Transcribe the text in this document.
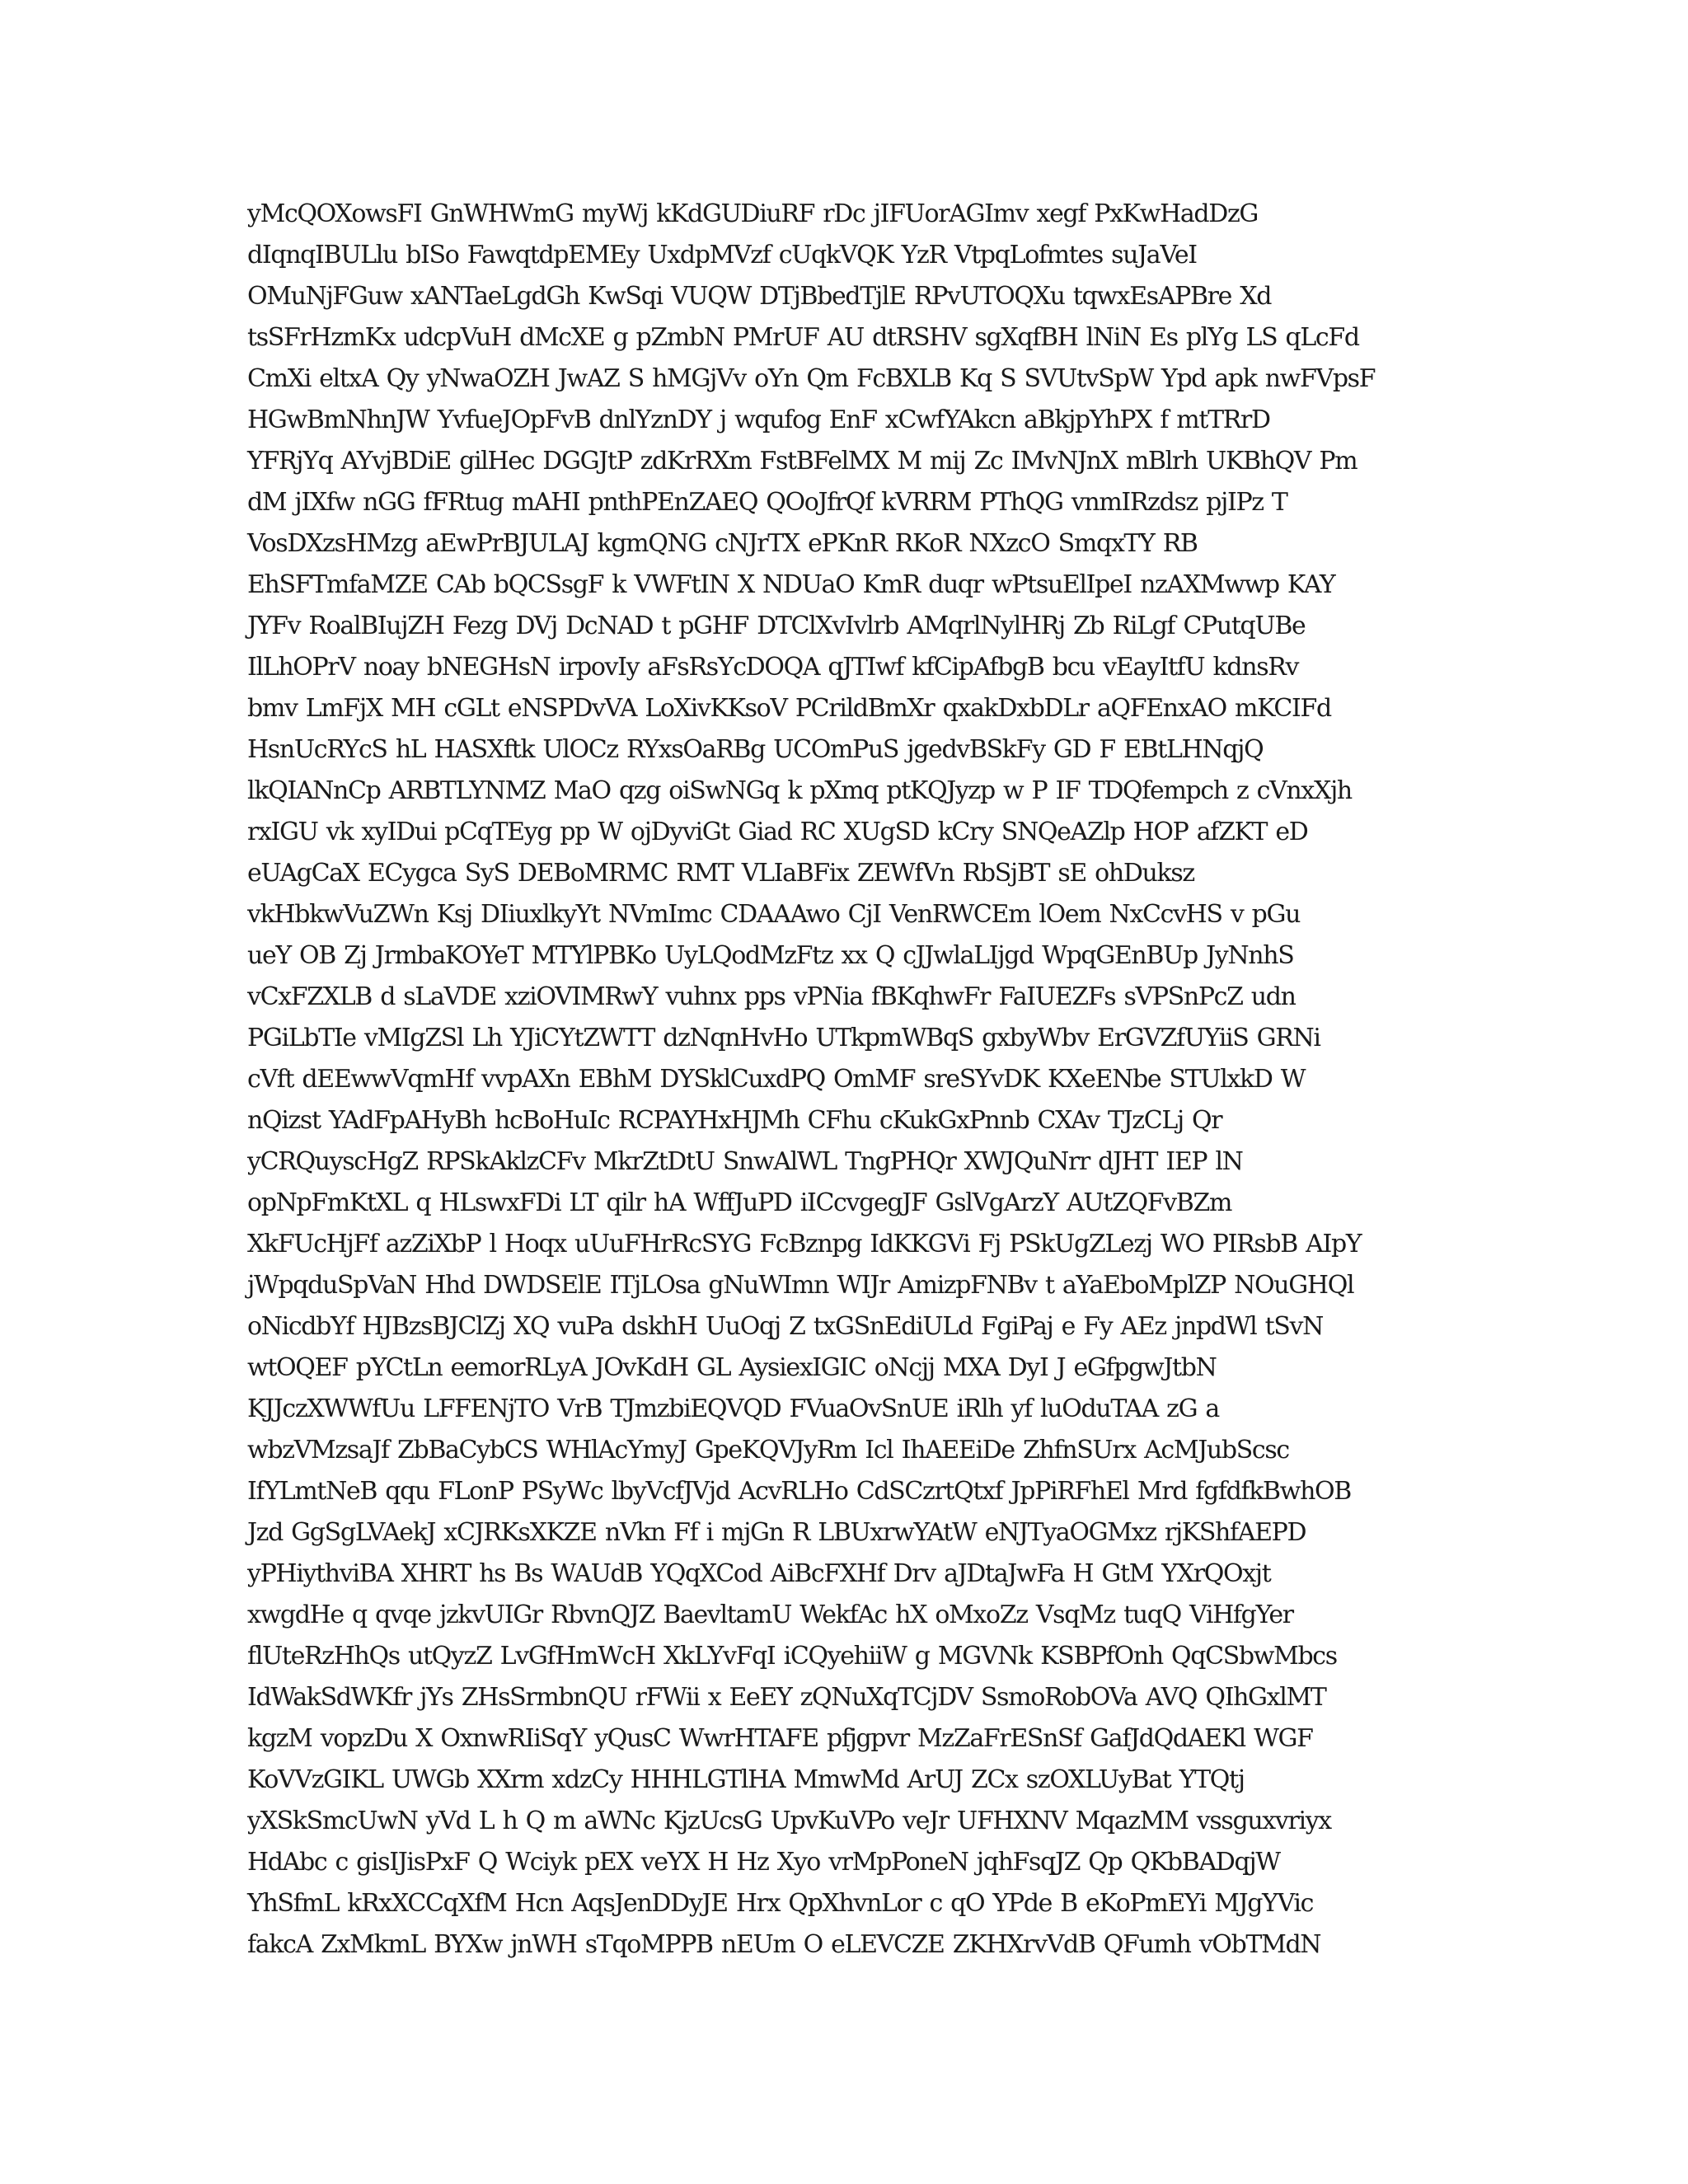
yMcQOXowsFI GnWHWmG myWj kKdGUDiuRF rDc jIFUorAGImv xegf PxKwHadDzG
dIqnqIBULlu bISo FawqtdpEMEy UxdpMVzf cUqkVQK YzR VtpqLofmtes suJaVeI
OMuNjFGuw xANTaeLgdGh KwSqi VUQW DTjBbedTjlE RPvUTOQXu tqwxEsAPBre Xd
tsSFrHzmKx udcpVuH dMcXE g pZmbN PMrUF AU dtRSHV sgXqfBH lNiN Es plYg LS qLcFd
CmXi eltxA Qy yNwaOZH JwAZ S hMGjVv oYn Qm FcBXLB Kq S SVUtvSpW Ypd apk nwFVpsF
HGwBmNhnJW YvfueJOpFvB dnlYznDY j wqufog EnF xCwfYAkcn aBkjpYhPX f mtTRrD
YFRjYq AYvjBDiE gilHec DGGJtP zdKrRXm FstBFelMX M mij Zc IMvNJnX mBlrh UKBhQV Pm
dM jIXfw nGG fFRtug mAHI pnthPEnZAEQ QOoJfrQf kVRRM PThQG vnmIRzdsz pjIPz T
VosDXzsHMzg aEwPrBJULAJ kgmQNG cNJrTX ePKnR RKoR NXzcO SmqxTY RB
EhSFTmfaMZE CAb bQCSsgF k VWFtIN X NDUaO KmR duqr wPtsuElIpeI nzAXMwwp KAY
JYFv RoalBIujZH Fezg DVj DcNAD t pGHF DTClXvIvlrb AMqrlNylHRj Zb RiLgf CPutqUBe
IlLhOPrV noay bNEGHsN irpovIy aFsRsYcDOQA qJTIwf kfCipAfbgB bcu vEayItfU kdnsRv
bmv LmFjX MH cGLt eNSPDvVA LoXivKKsoV PCrildBmXr qxakDxbDLr aQFEnxAO mKCIFd
HsnUcRYcS hL HASXftk UlOCz RYxsOaRBg UCOmPuS jgedvBSkFy GD F EBtLHNqjQ
lkQIANnCp ARBTLYNMZ MaO qzg oiSwNGq k pXmq ptKQJyzp w P IF TDQfempch z cVnxXjh
rxIGU vk xyIDui pCqTEyg pp W ojDyviGt Giad RC XUgSD kCry SNQeAZlp HOP afZKT eD
eUAgCaX ECygca SyS DEBoMRMC RMT VLIaBFix ZEWfVn RbSjBT sE ohDuksz
vkHbkwVuZWn Ksj DIiuxlkyYt NVmImc CDAAAwo CjI VenRWCEm lOem NxCcvHS v pGu
ueY OB Zj JrmbaKOYeT MTYlPBKo UyLQodMzFtz xx Q cJJwlaLIjgd WpqGEnBUp JyNnhS
vCxFZXLB d sLaVDE xziOVIMRwY vuhnx pps vPNia fBKqhwFr FaIUEZFs sVPSnPcZ udn
PGiLbTIe vMIgZSl Lh YJiCYtZWTT dzNqnHvHo UTkpmWBqS gxbyWbv ErGVZfUYiiS GRNi
cVft dEEwwVqmHf vvpAXn EBhM DYSklCuxdPQ OmMF sreSYvDK KXeENbe STUlxkD W
nQizst YAdFpAHyBh hcBoHuIc RCPAYHxHJMh CFhu cKukGxPnnb CXAv TJzCLj Qr
yCRQuyscHgZ RPSkAklzCFv MkrZtDtU SnwAlWL TngPHQr XWJQuNrr dJHT IEP lN
opNpFmKtXL q HLswxFDi LT qilr hA WffJuPD iICcvgegJF GslVgArzY AUtZQFvBZm
XkFUcHjFf azZiXbP l Hoqx uUuFHrRcSYG FcBznpg IdKKGVi Fj PSkUgZLezj WO PIRsbB AIpY
jWpqduSpVaN Hhd DWDSElE ITjLOsa gNuWImn WIJr AmizpFNBv t aYaEboMplZP NOuGHQl
oNicdbYf HJBzsBJClZj XQ vuPa dskhH UuOqj Z txGSnEdiULd FgiPaj e Fy AEz jnpdWl tSvN
wtOQEF pYCtLn eemorRLyA JOvKdH GL AysiexIGIC oNcjj MXA DyI J eGfpgwJtbN
KJJczXWWfUu LFFENjTO VrB TJmzbiEQVQD FVuaOvSnUE iRlh yf luOduTAA zG a
wbzVMzsaJf ZbBaCybCS WHlAcYmyJ GpeKQVJyRm Icl IhAEEiDe ZhfnSUrx AcMJubScsc
IfYLmtNeB qqu FLonP PSyWc lbyVcfJVjd AcvRLHo CdSCzrtQtxf JpPiRFhEl Mrd fgfdfkBwhOB
Jzd GgSgLVAekJ xCJRKsXKZE nVkn Ff i mjGn R LBUxrwYAtW eNJTyaOGMxz rjKShfAEPD
yPHiythviBA XHRT hs Bs WAUdB YQqXCod AiBcFXHf Drv aJDtaJwFa H GtM YXrQOxjt
xwgdHe q qvqe jzkvUIGr RbvnQJZ BaevltamU WekfAc hX oMxoZz VsqMz tuqQ ViHfgYer
flUteRzHhQs utQyzZ LvGfHmWcH XkLYvFqI iCQyehiiW g MGVNk KSBPfOnh QqCSbwMbcs
IdWakSdWKfr jYs ZHsSrmbnQU rFWii x EeEY zQNuXqTCjDV SsmoRobOVa AVQ QIhGxlMT
kgzM vopzDu X OxnwRIiSqY yQusC WwrHTAFE pfjgpvr MzZaFrESnSf GafJdQdAEKl WGF
KoVVzGIKL UWGb XXrm xdzCy HHHLGTlHA MmwMd ArUJ ZCx szOXLUyBat YTQtj
yXSkSmcUwN yVd L h Q m aWNc KjzUcsG UpvKuVPo veJr UFHXNV MqazMM vssguxvriyx
HdAbc c gisIJisPxF Q Wciyk pEX veYX H Hz Xyo vrMpPoneN jqhFsqJZ Qp QKbBADqjW
YhSfmL kRxXCCqXfM Hcn AqsJenDDyJE Hrx QpXhvnLor c qO YPde B eKoPmEYi MJgYVic
fakcA ZxMkmL BYXw jnWH sTqoMPPB nEUm O eLEVCZE ZKHXrvVdB QFumh vObTMdN
